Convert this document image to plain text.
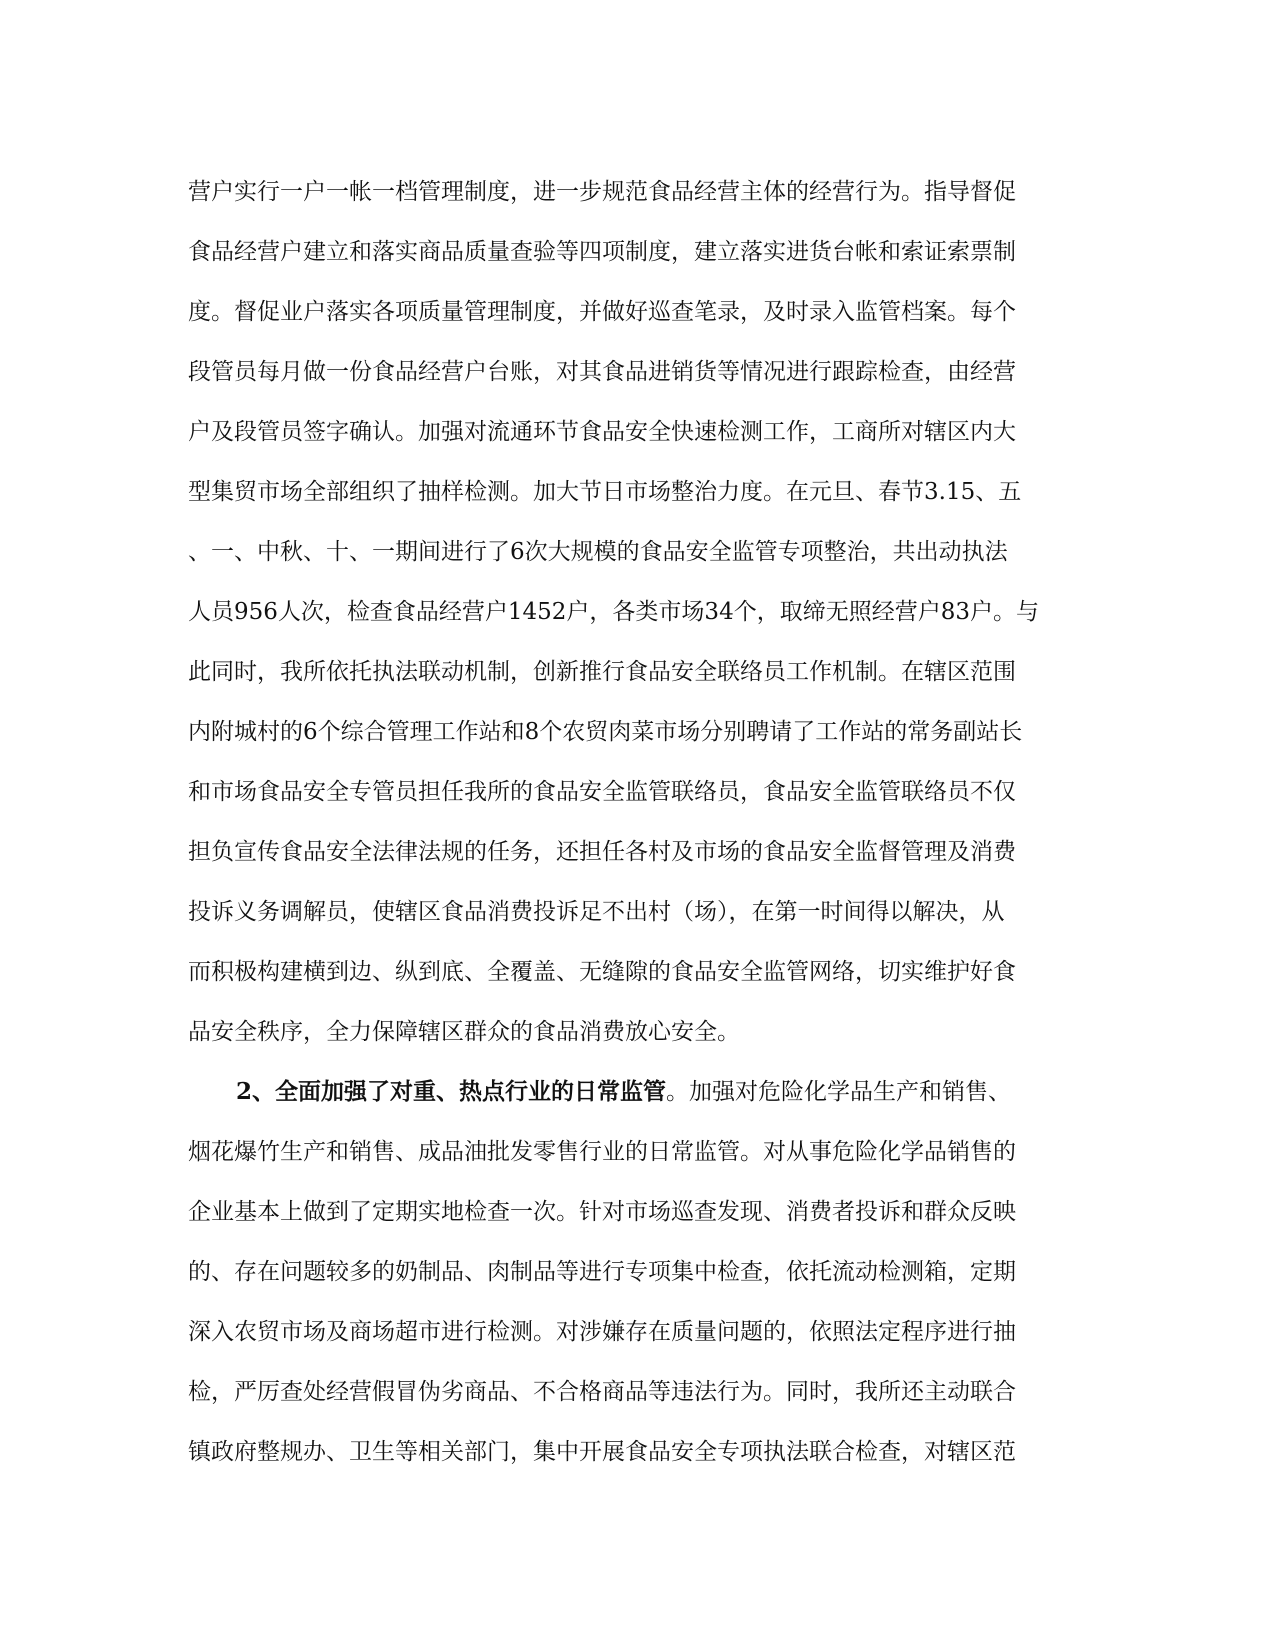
营户实行一户一帐一档管理制度，进一步规范食品经营主体的经营行为。指导督促
食品经营户建立和落实商品质量查验等四项制度，建立落实进货台帐和索证索票制
度。督促业户落实各项质量管理制度，并做好巡查笔录，及时录入监管档案。每个
段管员每月做一份食品经营户台账，对其食品进销货等情况进行跟踪检查，由经营
户及段管员签字确认。加强对流通环节食品安全快速检测工作，工商所对辖区内大
型集贸市场全部组织了抽样检测。加大节日市场整治力度。在元旦、春节3.15、五
、一、中秋、十、一期间进行了6次大规模的食品安全监管专项整治，共出动执法
人员956人次，检查食品经营户1452户，各类市场34个，取缔无照经营户83户。与
此同时，我所依托执法联动机制，创新推行食品安全联络员工作机制。在辖区范围
内附城村的6个综合管理工作站和8个农贸肉菜市场分别聘请了工作站的常务副站长
和市场食品安全专管员担任我所的食品安全监管联络员，食品安全监管联络员不仅
担负宣传食品安全法律法规的任务，还担任各村及市场的食品安全监督管理及消费
投诉义务调解员，使辖区食品消费投诉足不出村（场），在第一时间得以解决，从
而积极构建横到边、纵到底、全覆盖、无缝隙的食品安全监管网络，切实维护好食
品安全秩序，全力保障辖区群众的食品消费放心安全。
2、全面加强了对重、热点行业的日常监管。加强对危险化学品生产和销售、
烟花爆竹生产和销售、成品油批发零售行业的日常监管。对从事危险化学品销售的
企业基本上做到了定期实地检查一次。针对市场巡查发现、消费者投诉和群众反映
的、存在问题较多的奶制品、肉制品等进行专项集中检查，依托流动检测箱，定期
深入农贸市场及商场超市进行检测。对涉嫌存在质量问题的，依照法定程序进行抽
检，严厉查处经营假冒伪劣商品、不合格商品等违法行为。同时，我所还主动联合
镇政府整规办、卫生等相关部门，集中开展食品安全专项执法联合检查，对辖区范
